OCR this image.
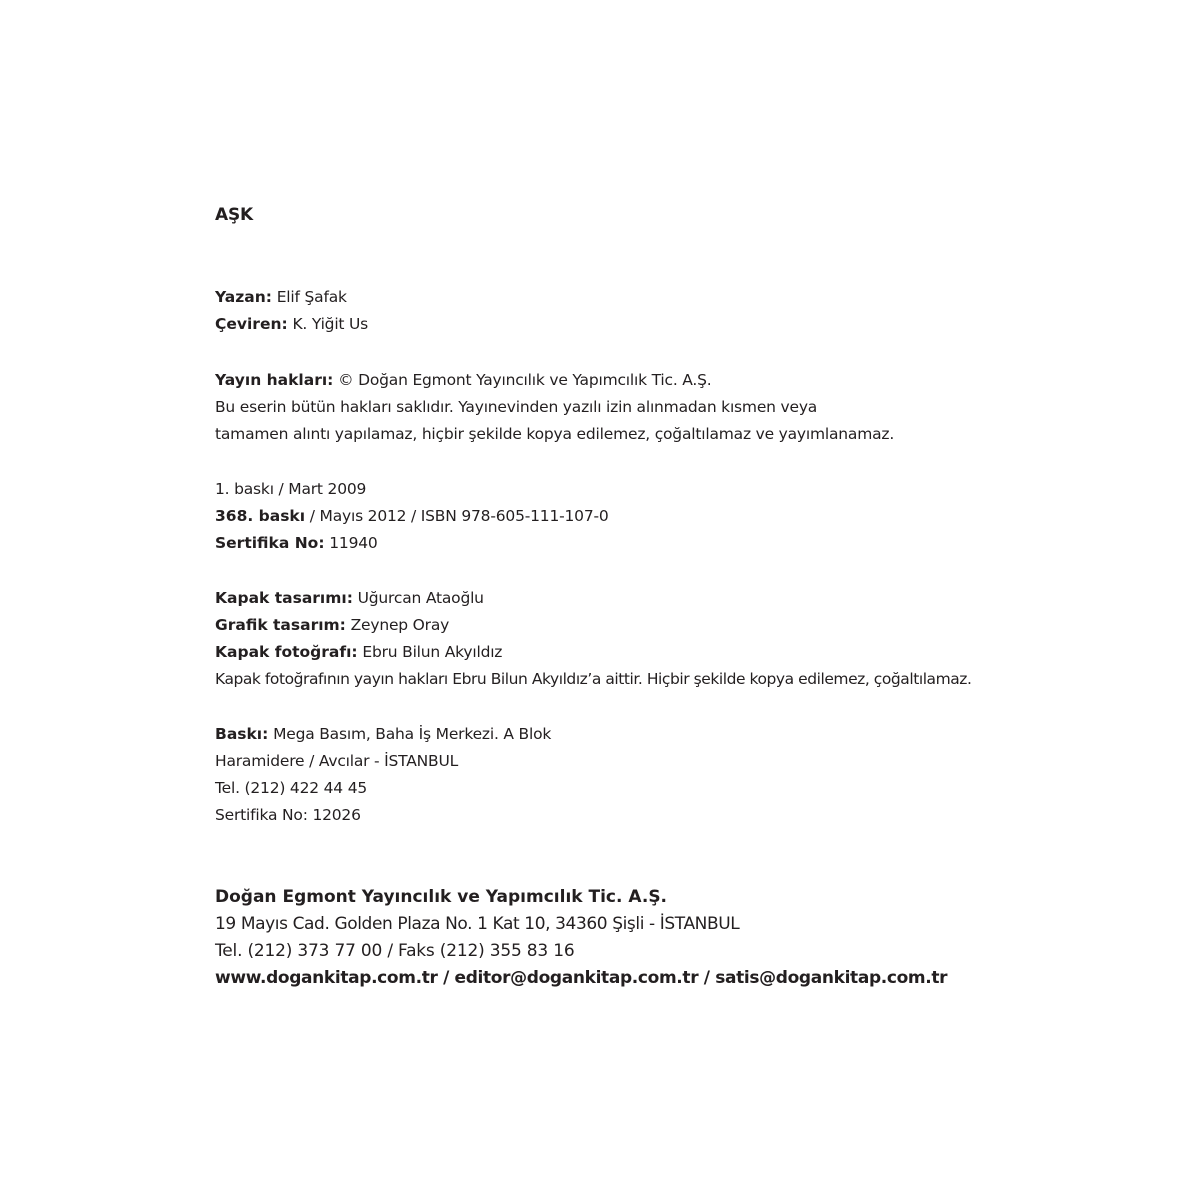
AŞK
Yazan: Elif Şafak
Çeviren: K. Yiğit Us
Yayın hakları: © Doğan Egmont Yayıncılık ve Yapımcılık Tic. A.Ş.
Bu eserin bütün hakları saklıdır. Yayınevinden yazılı izin alınmadan kısmen veya
tamamen alıntı yapılamaz, hiçbir şekilde kopya edilemez, çoğaltılamaz ve yayımlanamaz.
1. baskı / Mart 2009
368. baskı / Mayıs 2012 / ISBN 978-605-111-107-0
Sertifika No: 11940
Kapak tasarımı: Uğurcan Ataoğlu
Grafik tasarım: Zeynep Oray
Kapak fotoğrafı: Ebru Bilun Akyıldız
Kapak fotoğrafının yayın hakları Ebru Bilun Akyıldız’a aittir. Hiçbir şekilde kopya edilemez, çoğaltılamaz.
Baskı: Mega Basım, Baha İş Merkezi. A Blok
Haramidere / Avcılar - İSTANBUL
Tel. (212) 422 44 45
Sertifika No: 12026
Doğan Egmont Yayıncılık ve Yapımcılık Tic. A.Ş.
19 Mayıs Cad. Golden Plaza No. 1 Kat 10, 34360 Şişli - İSTANBUL
Tel. (212) 373 77 00 / Faks (212) 355 83 16
www.dogankitap.com.tr / editor@dogankitap.com.tr / satis@dogankitap.com.tr
